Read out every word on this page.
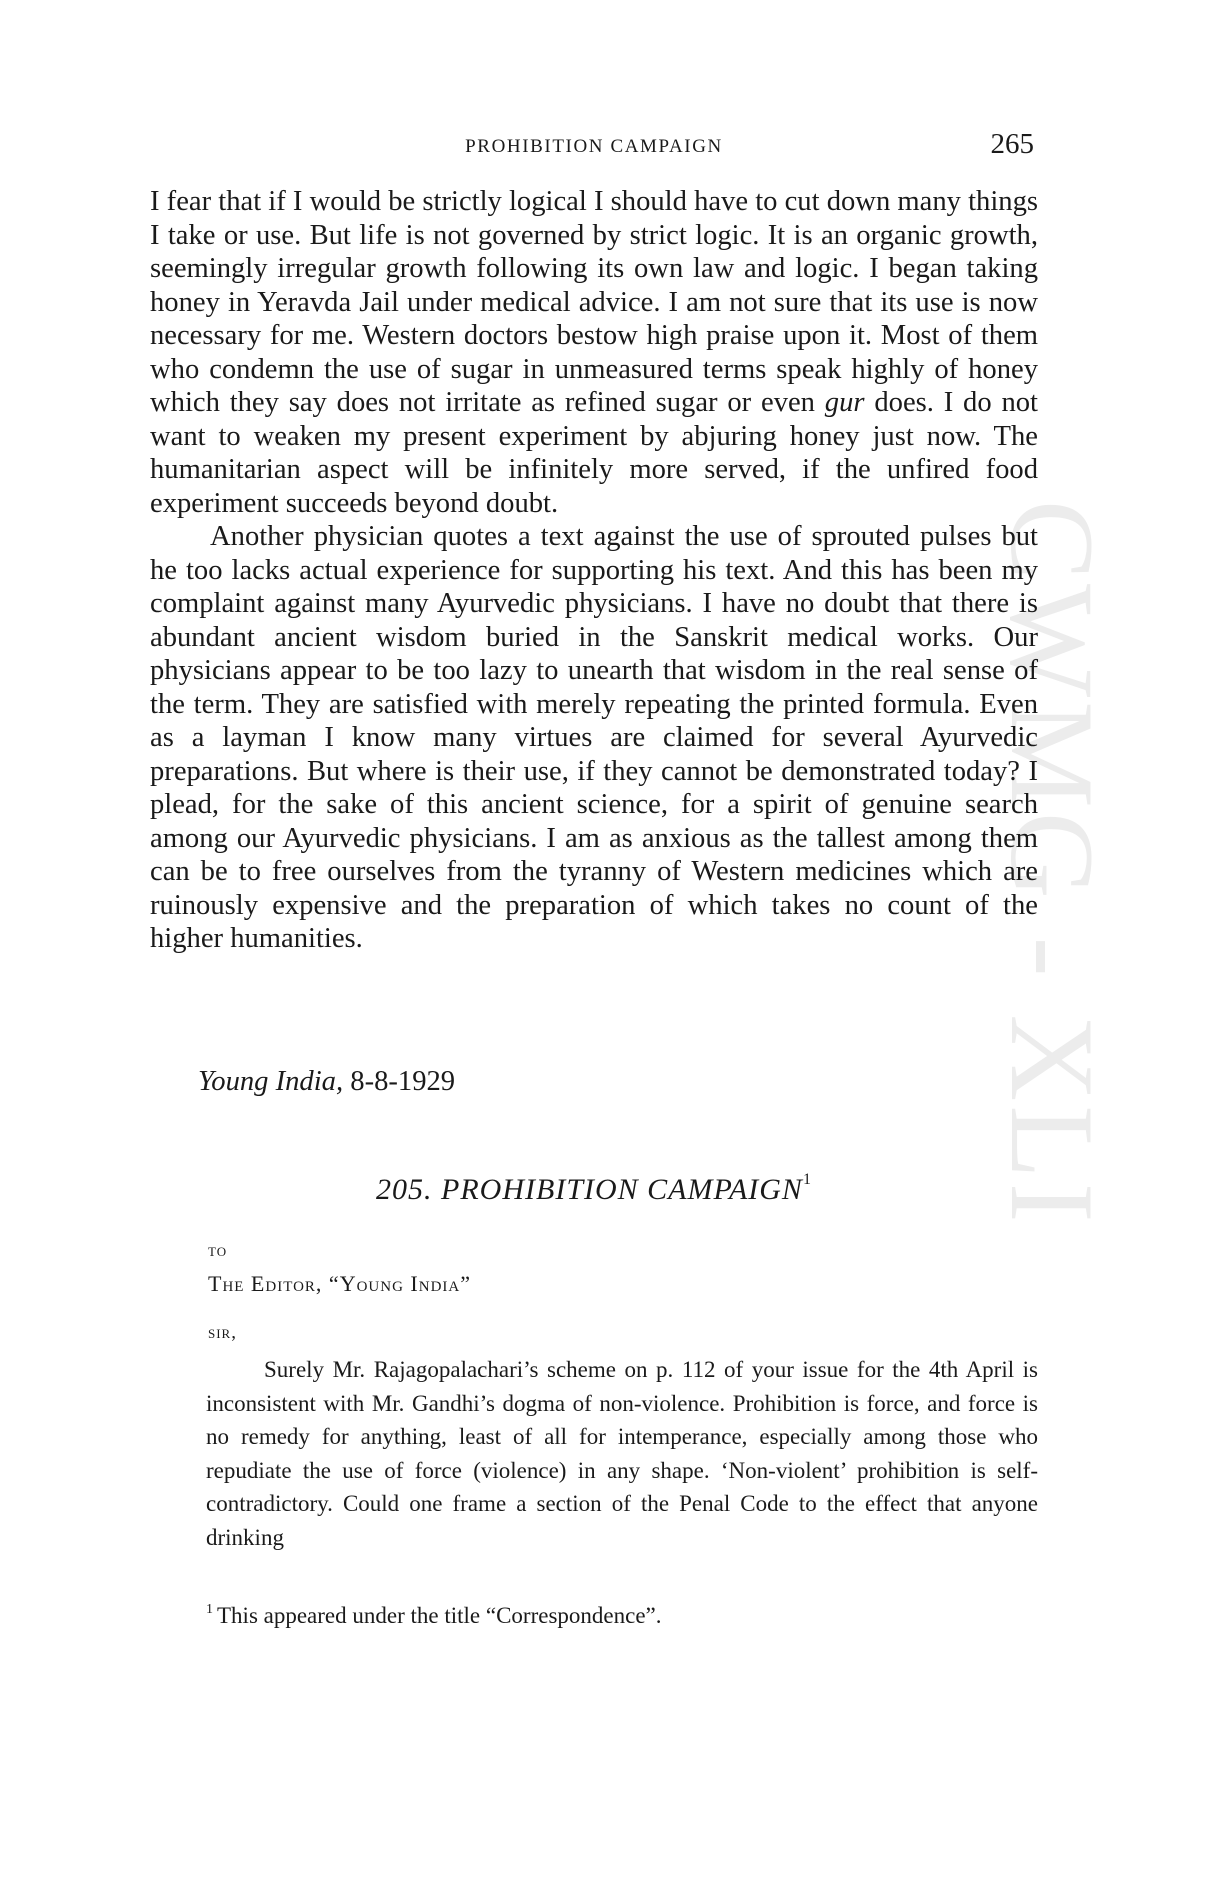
CWMG - XLI
PROHIBITION CAMPAIGN	265

I fear that if I would be strictly logical I should have to cut down many things I take or use. But life is not governed by strict logic. It is an organic growth, seemingly irregular growth following its own law and logic. I began taking honey in Yeravda Jail under medical advice. I am not sure that its use is now necessary for me. Western doctors bestow high praise upon it. Most of them who condemn the use of sugar in unmeasured terms speak highly of honey which they say does not irritate as refined sugar or even gur does. I do not want to weaken my present experiment by abjuring honey just now. The humanitarian aspect will be infinitely more served, if the unfired food experiment succeeds beyond doubt.

Another physician quotes a text against the use of sprouted pulses but he too lacks actual experience for supporting his text. And this has been my complaint against many Ayurvedic physicians. I have no doubt that there is abundant ancient wisdom buried in the Sanskrit medical works. Our physicians appear to be too lazy to unearth that wisdom in the real sense of the term. They are satisfied with merely repeating the printed formula. Even as a layman I know many virtues are claimed for several Ayurvedic preparations. But where is their use, if they cannot be demonstrated today? I plead, for the sake of this ancient science, for a spirit of genuine search among our Ayurvedic physicians. I am as anxious as the tallest among them can be to free ourselves from the tyranny of Western medicines which are ruinously expensive and the preparation of which takes no count of the higher humanities.

Young India, 8-8-1929
205. PROHIBITION CAMPAIGN$^1$
to
The Editor, “Young India”
sir,

Surely Mr. Rajagopalachari’s scheme on p. 112 of your issue for the 4th April is inconsistent with Mr. Gandhi’s dogma of non-violence. Prohibition is force, and force is no remedy for anything, least of all for intemperance, especially among those who repudiate the use of force (violence) in any shape. ‘Non-violent’ prohibition is self-contradictory. Could one frame a section of the Penal Code to the effect that anyone drinking

$^1$ This appeared under the title “Correspondence”.
